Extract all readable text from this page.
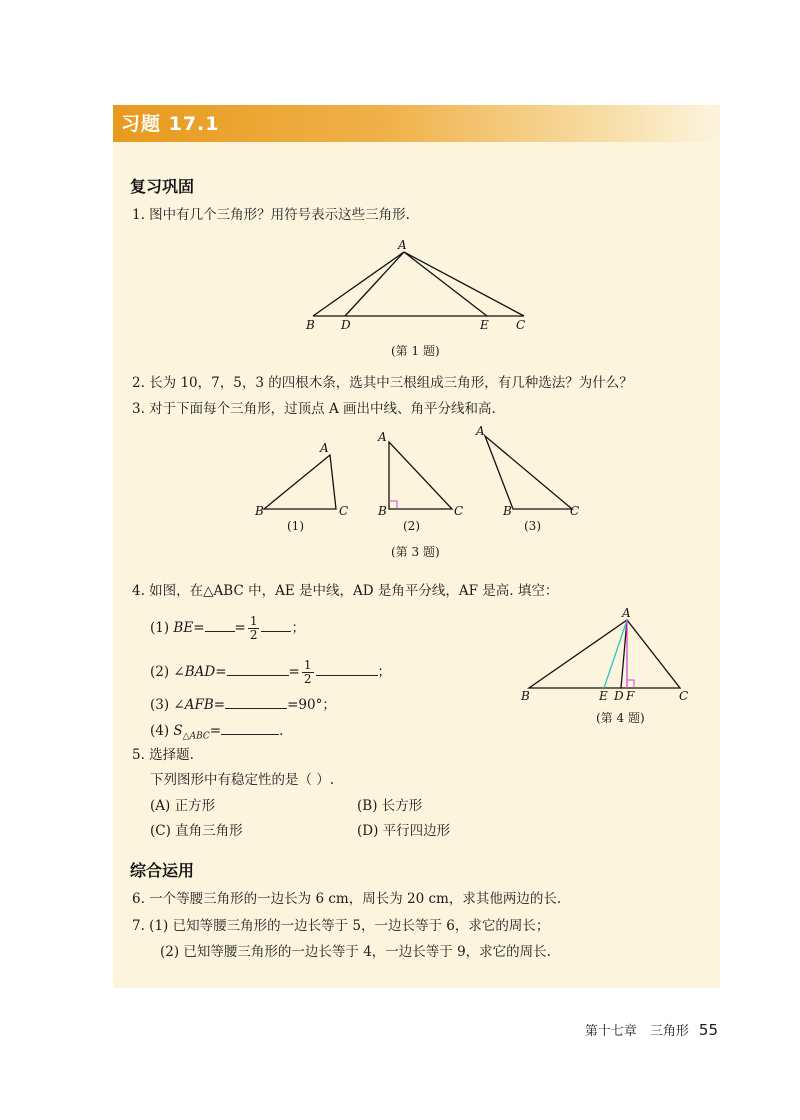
习题 17.1
复习巩固
1. 图中有几个三角形？用符号表示这些三角形.
A
B D	E C
(第 1 题)
2. 长为 10，7，5，3 的四根木条，选其中三根组成三角形，有几种选法？为什么？
3. 对于下面每个三角形，过顶点 A 画出中线、角平分线和高.
A
B	C
A
B	C
A
B	C
(1)	(2)	(3)
(第 3 题)
4. 如图，在△ABC 中，AE 是中线，AD 是角平分线，AF 是高. 填空：
(1) $BE= = \frac{1}{2}$ ；
(2) ∠BAD=	= $\frac{1}{2}$	；
(3) ∠AFB=	=90°；
(4) $S_{\triangle ABC}=$	.
A
B	E D F	C
(第 4 题)
5. 选择题.
下列图形中有稳定性的是（ ）.
(A) 正方形	(B) 长方形
(C) 直角三角形	(D) 平行四边形
综合运用
6. 一个等腰三角形的一边长为 6 cm，周长为 20 cm，求其他两边的长.
7. (1) 已知等腰三角形的一边长等于 5，一边长等于 6，求它的周长；
(2) 已知等腰三角形的一边长等于 4，一边长等于 9，求它的周长.
第十七章　三角形 55
